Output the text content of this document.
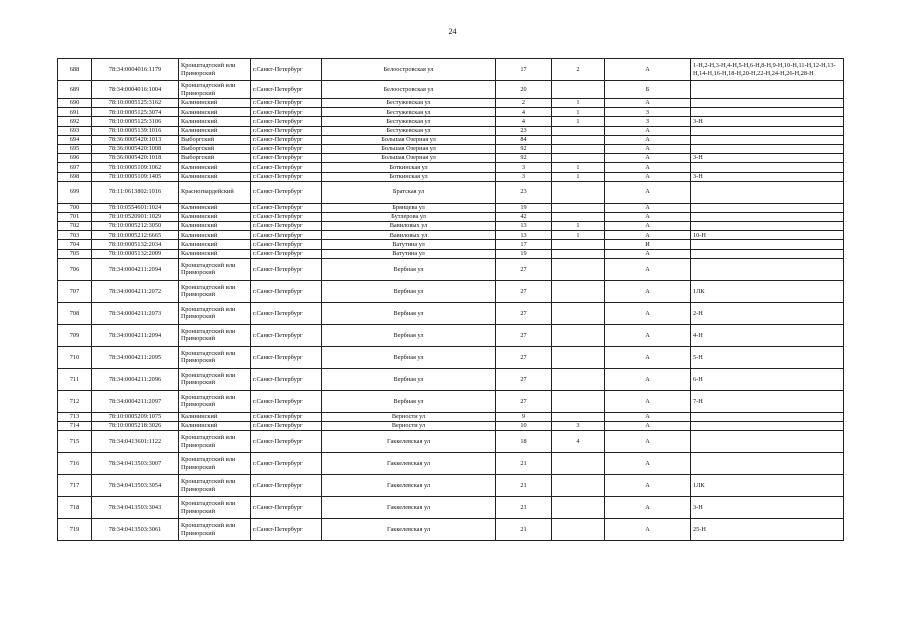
24
688	78:34:0004016:1179	Кронштадтский или Приморский	г.Санкт-Петербург	Белоостровская ул	17	2	А	1-Н,2-Н,3-Н,4-Н,5-Н,6-Н,8-Н,9-Н,10-Н,11-Н,12-Н,13-Н,14-Н,16-Н,18-Н,20-Н,22-Н,24-Н,26-Н,28-Н
689	78:34:0004016:1004	Кронштадтский или Приморский	г.Санкт-Петербург	Белоостровская ул	20		Б	
690	78:10:0005125:3162	Калининский	г.Санкт-Петербург	Бестужевская ул	2	1	А	
691	78:10:0005125:3074	Калининский	г.Санкт-Петербург	Бестужевская ул	4	1	З	
692	78:10:0005125:3106	Калининский	г.Санкт-Петербург	Бестужевская ул	4	1	З	3-Н
693	78:10:0005139:1016	Калининский	г.Санкт-Петербург	Бестужевская ул	23		А	
694	78:36:0005420:1013	Выборгский	г.Санкт-Петербург	Большая Озерная ул	84		А	
695	78:36:0005420:1008	Выборгский	г.Санкт-Петербург	Большая Озерная ул	92		А	
696	78:36:0005420:1018	Выборгский	г.Санкт-Петербург	Большая Озерная ул	92		А	3-Н
697	78:10:0005109:1062	Калининский	г.Санкт-Петербург	Боткинская ул	3	1	А	
698	78:10:0005109:1405	Калининский	г.Санкт-Петербург	Боткинская ул	3	1	А	3-Н
699	78:11:0613802:1016	Красногвардейский	г.Санкт-Петербург	Братская ул	23		А	
700	78:10:0554601:1024	Калининский	г.Санкт-Петербург	Брянцева ул	19		А	
701	78:10:0520901:1029	Калининский	г.Санкт-Петербург	Бутлерова ул	42		А	
702	78:10:0005212:3050	Калининский	г.Санкт-Петербург	Вавиловых ул	13	1	А	
703	78:10:0005212:6665	Калининский	г.Санкт-Петербург	Вавиловых ул	13	1	А	10-Н
704	78:10:0005132:2034	Калининский	г.Санкт-Петербург	Ватутина ул	17		И	
705	78:10:0005132:2009	Калининский	г.Санкт-Петербург	Ватутина ул	19		А	
706	78:34:0004211:2094	Кронштадтский или Приморский	г.Санкт-Петербург	Вербная ул	27		А	
707	78:34:0004211:2072	Кронштадтский или Приморский	г.Санкт-Петербург	Вербная ул	27		А	1ЛК
708	78:34:0004211:2073	Кронштадтский или Приморский	г.Санкт-Петербург	Вербная ул	27		А	2-Н
709	78:34:0004211:2094	Кронштадтский или Приморский	г.Санкт-Петербург	Вербная ул	27		А	4-Н
710	78:34:0004211:2095	Кронштадтский или Приморский	г.Санкт-Петербург	Вербная ул	27		А	5-Н
711	78:34:0004211:2096	Кронштадтский или Приморский	г.Санкт-Петербург	Вербная ул	27		А	6-Н
712	78:34:0004211:2097	Кронштадтский или Приморский	г.Санкт-Петербург	Вербная ул	27		А	7-Н
713	78:10:0005209:1075	Калининский	г.Санкт-Петербург	Верности ул	9		А	
714	78:10:0005218:3026	Калининский	г.Санкт-Петербург	Верности ул	10	3	А	
715	78:34:0413601:1122	Кронштадтский или Приморский	г.Санкт-Петербург	Гаккелевская ул	18	4	А	
716	78:34:0413503:3007	Кронштадтский или Приморский	г.Санкт-Петербург	Гаккелевская ул	21		А	
717	78:34:0413503:3054	Кронштадтский или Приморский	г.Санкт-Петербург	Гаккелевская ул	21		А	1ЛК
718	78:34:0413503:3043	Кронштадтский или Приморский	г.Санкт-Петербург	Гаккелевская ул	21		А	3-Н
719	78:34:0413503:3061	Кронштадтский или Приморский	г.Санкт-Петербург	Гаккелевская ул	21		А	25-Н
